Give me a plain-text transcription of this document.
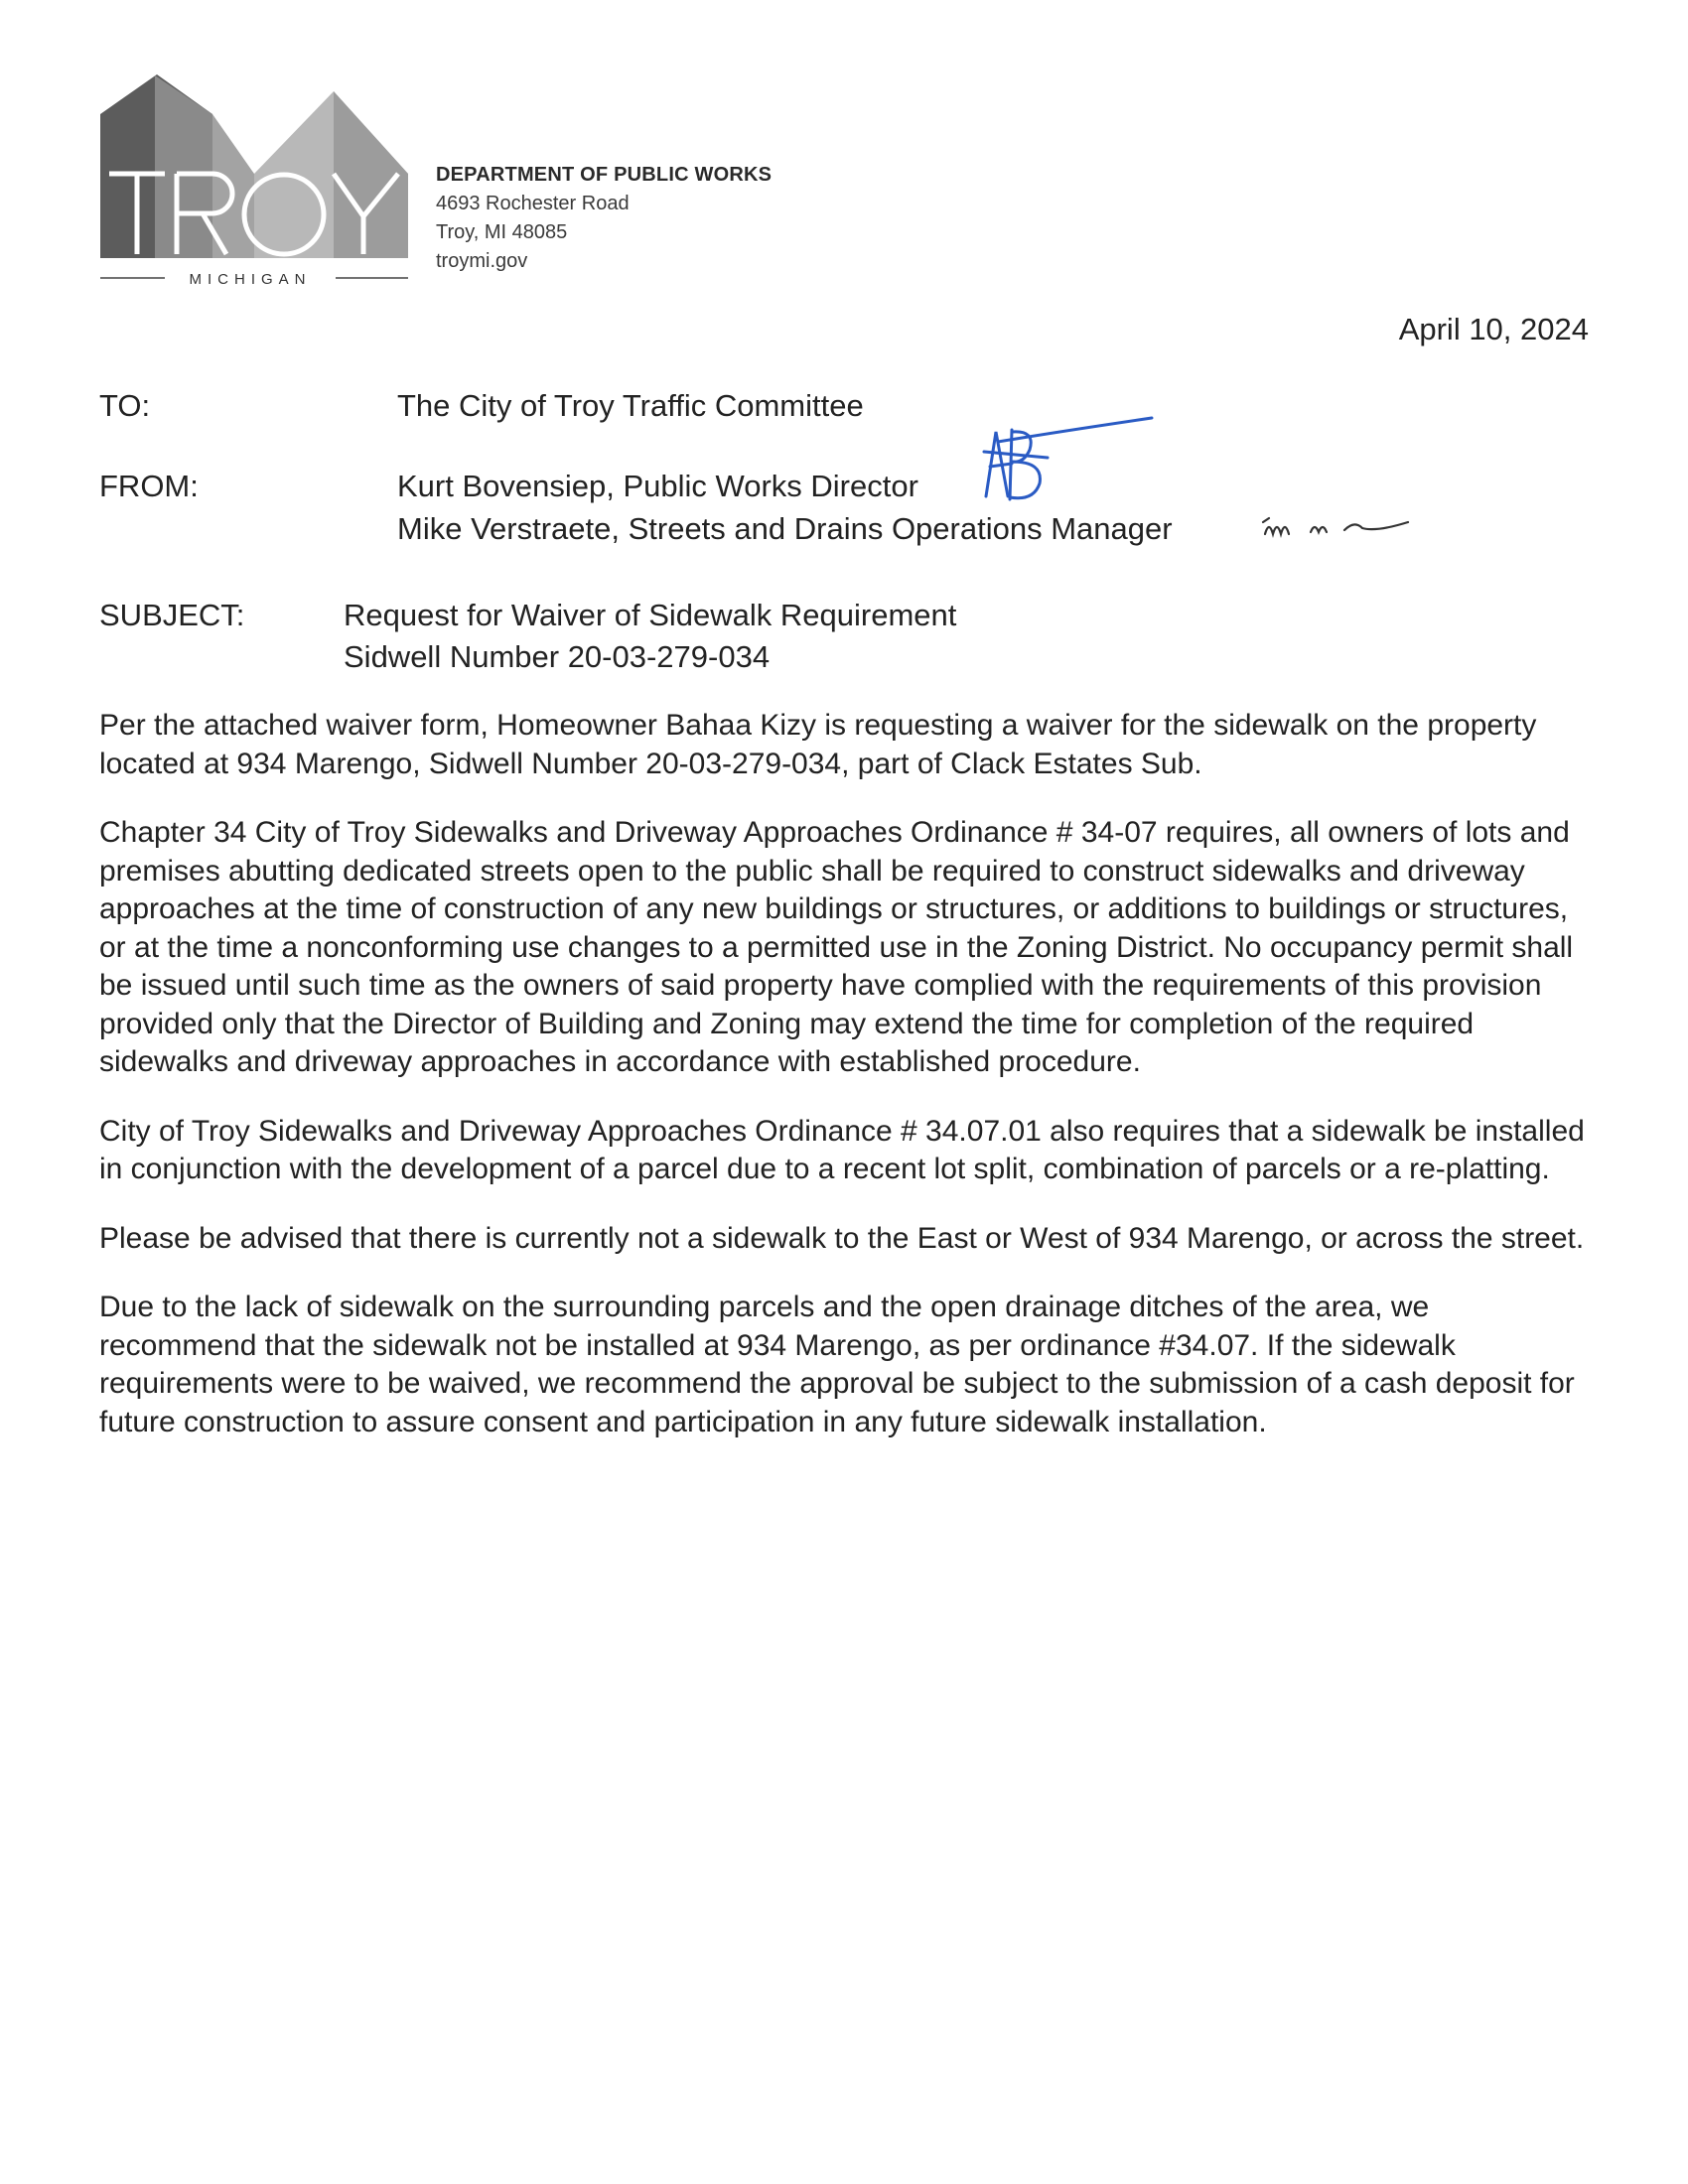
MICHIGAN
DEPARTMENT OF PUBLIC WORKS
4693 Rochester Road
Troy, MI 48085
troymi.gov
April 10, 2024
TO:	The City of Troy Traffic Committee
FROM:	Kurt Bovensiep, Public Works Director
Mike Verstraete, Streets and Drains Operations Manager
SUBJECT:	Request for Waiver of Sidewalk Requirement
Sidwell Number 20-03-279-034

Per the attached waiver form, Homeowner Bahaa Kizy is requesting a waiver for the sidewalk on the property located at 934 Marengo, Sidwell Number 20-03-279-034, part of Clack Estates Sub.

Chapter 34 City of Troy Sidewalks and Driveway Approaches Ordinance # 34-07 requires, all owners of lots and premises abutting dedicated streets open to the public shall be required to construct sidewalks and driveway approaches at the time of construction of any new buildings or structures, or additions to buildings or structures, or at the time a nonconforming use changes to a permitted use in the Zoning District. No occupancy permit shall be issued until such time as the owners of said property have complied with the requirements of this provision provided only that the Director of Building and Zoning may extend the time for completion of the required sidewalks and driveway approaches in accordance with established procedure.

City of Troy Sidewalks and Driveway Approaches Ordinance # 34.07.01 also requires that a sidewalk be installed in conjunction with the development of a parcel due to a recent lot split, combination of parcels or a re-platting.

Please be advised that there is currently not a sidewalk to the East or West of 934 Marengo, or across the street.

Due to the lack of sidewalk on the surrounding parcels and the open drainage ditches of the area, we recommend that the sidewalk not be installed at 934 Marengo, as per ordinance #34.07. If the sidewalk requirements were to be waived, we recommend the approval be subject to the submission of a cash deposit for future construction to assure consent and participation in any future sidewalk installation.
